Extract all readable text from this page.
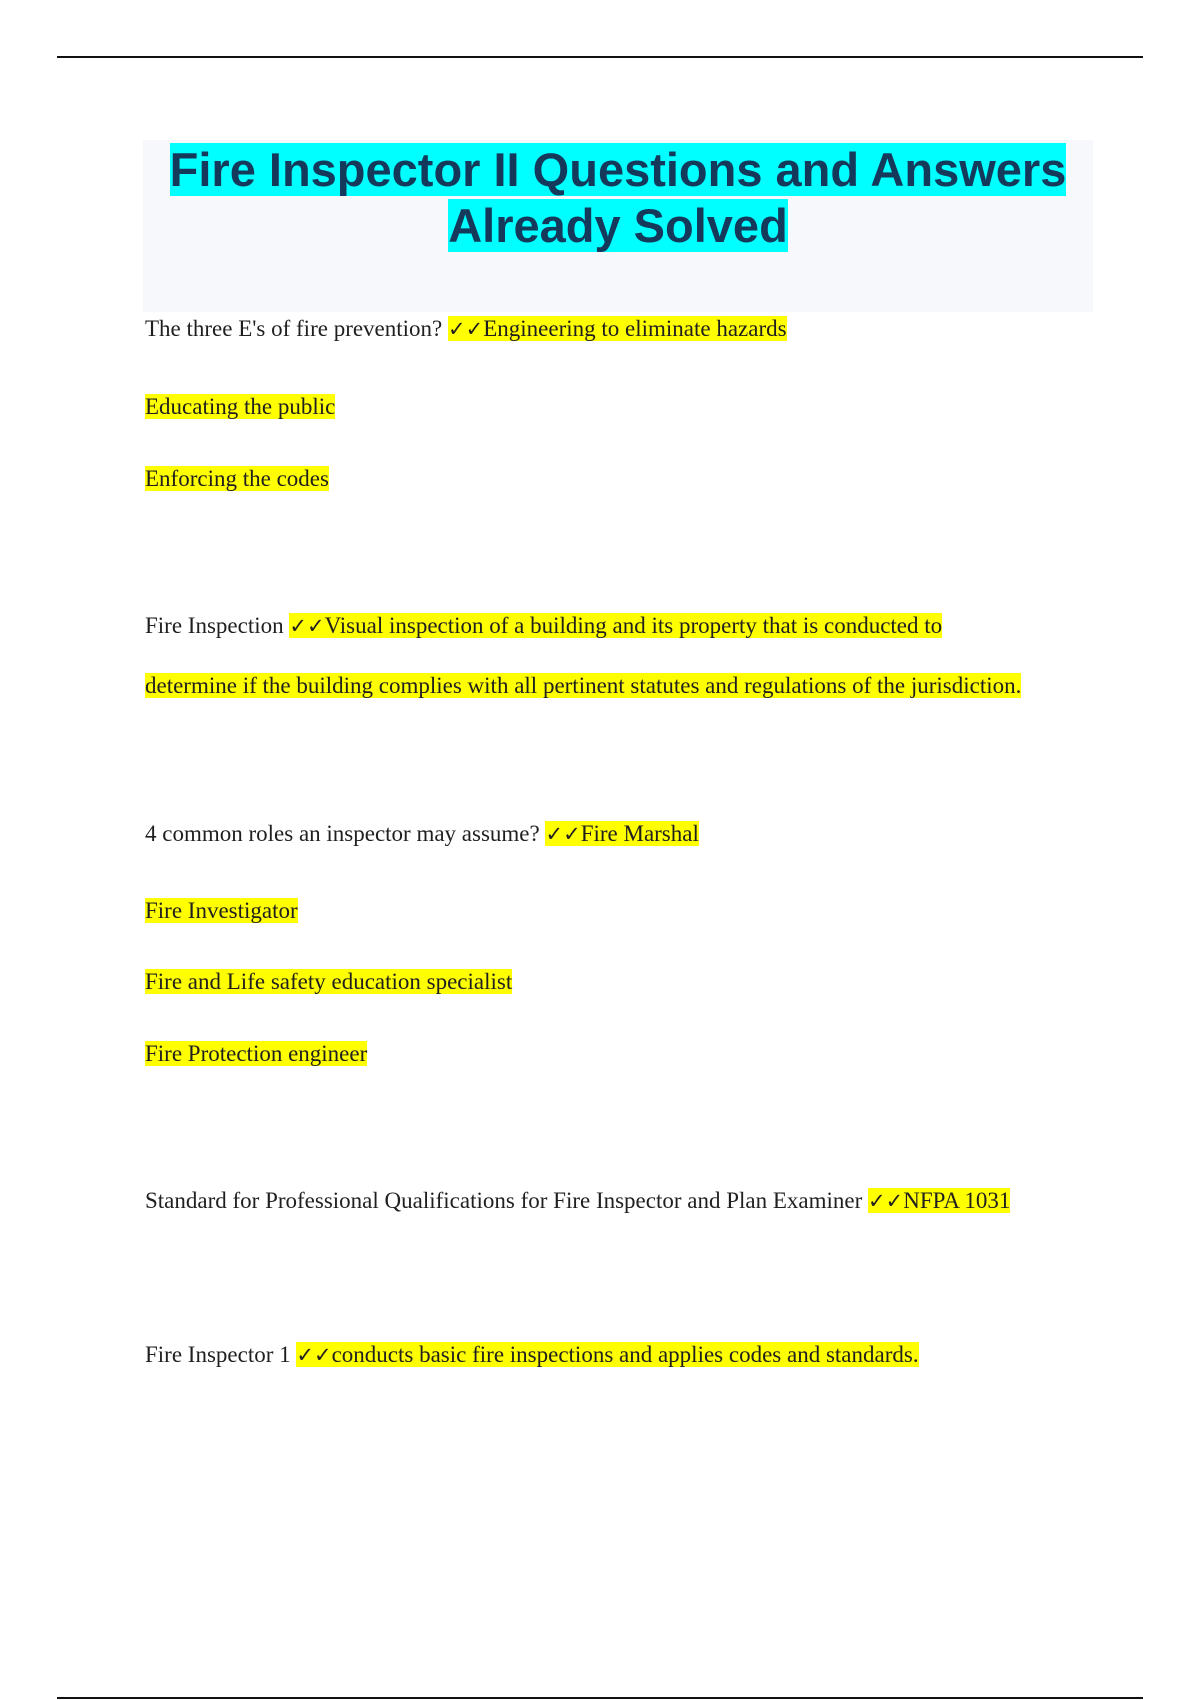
Fire Inspector II Questions and Answers
Already Solved

The three E's of fire prevention? ✓✓Engineering to eliminate hazards

Educating the public

Enforcing the codes

Fire Inspection ✓✓Visual inspection of a building and its property that is conducted to

determine if the building complies with all pertinent statutes and regulations of the jurisdiction.

4 common roles an inspector may assume? ✓✓Fire Marshal

Fire Investigator

Fire and Life safety education specialist

Fire Protection engineer

Standard for Professional Qualifications for Fire Inspector and Plan Examiner ✓✓NFPA 1031

Fire Inspector 1 ✓✓conducts basic fire inspections and applies codes and standards.
